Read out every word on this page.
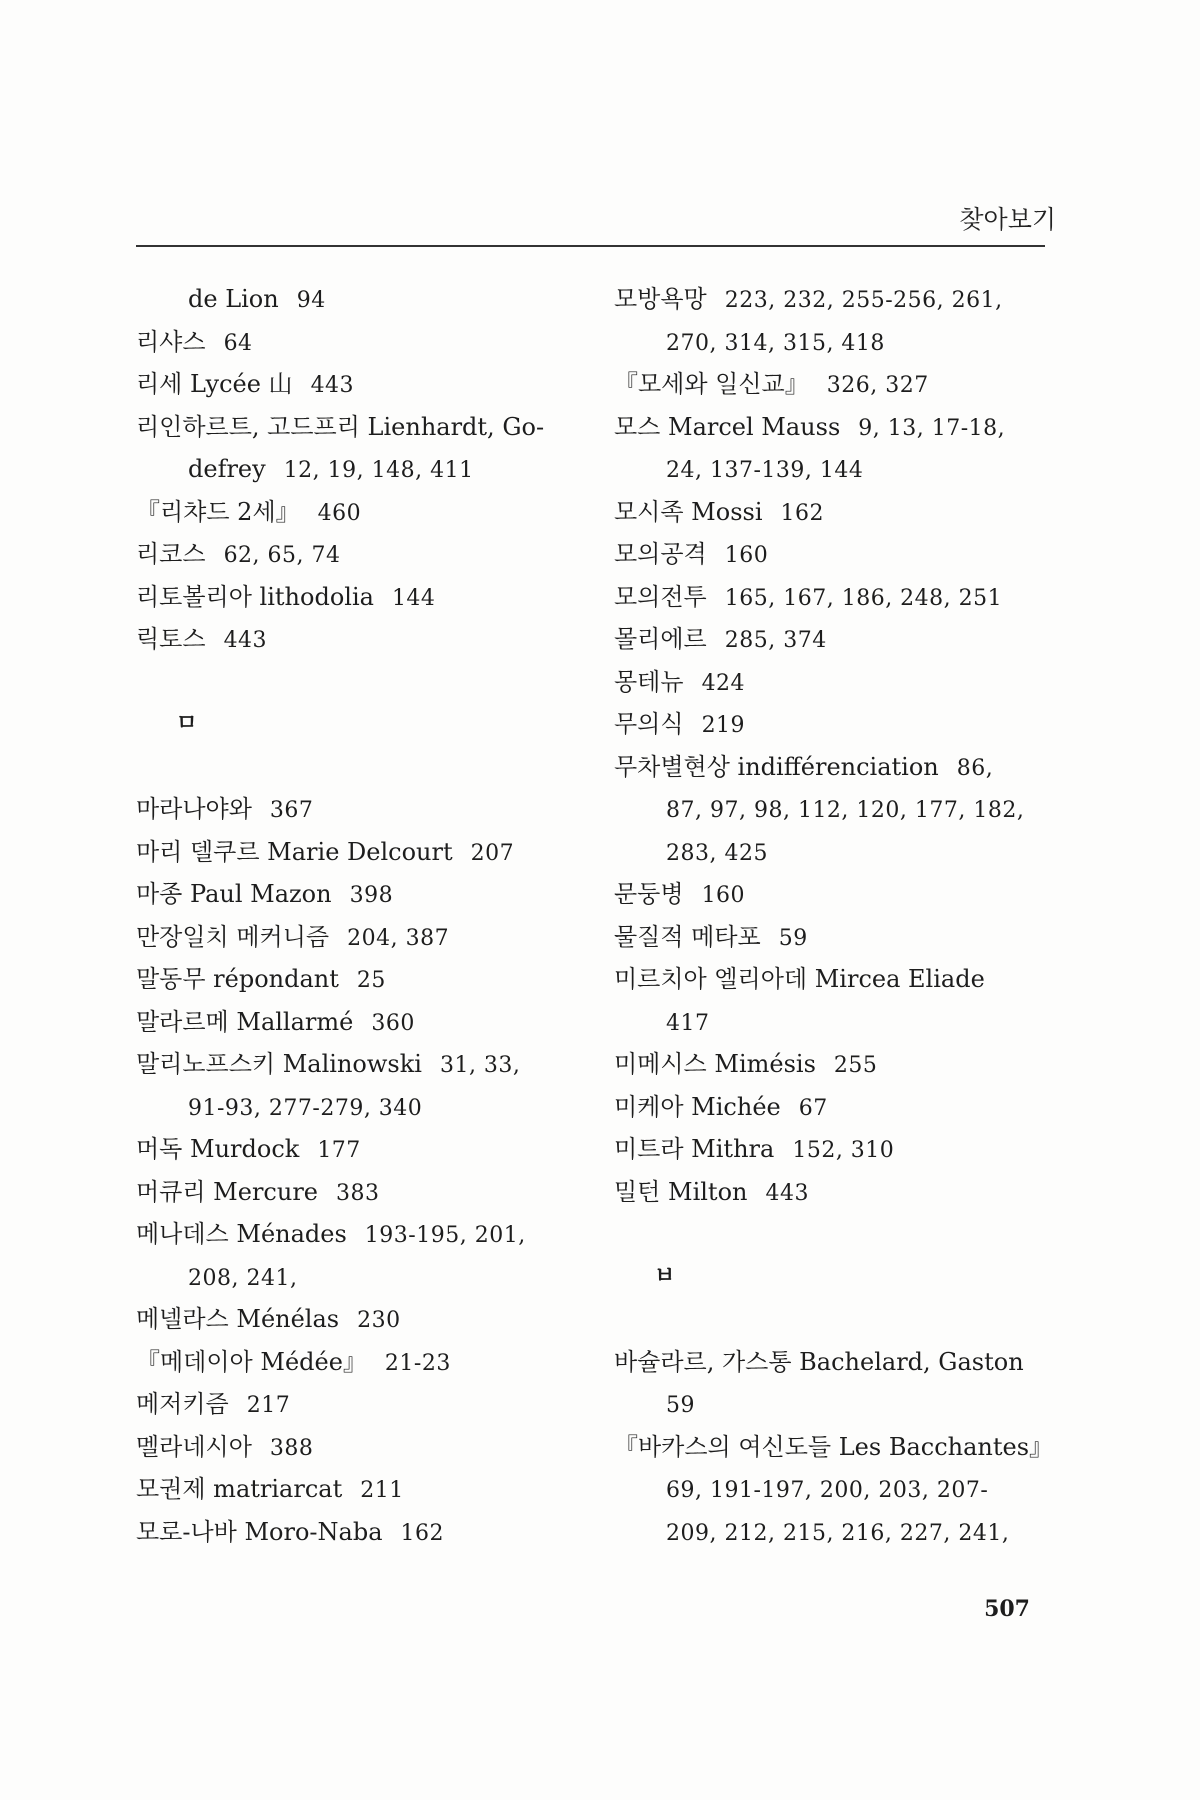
찾아보기
de Lion 94
리샤스 64
리세 Lycée 山 443
리인하르트, 고드프리 Lienhardt, Go-
defrey 12, 19, 148, 411
『리챠드 2세』 460
리코스 62, 65, 74
리토볼리아 lithodolia 144
릭토스 443
ㅁ
마라나야와 367
마리 델쿠르 Marie Delcourt 207
마종 Paul Mazon 398
만장일치 메커니즘 204, 387
말동무 répondant 25
말라르메 Mallarmé 360
말리노프스키 Malinowski 31, 33,
91-93, 277-279, 340
머독 Murdock 177
머큐리 Mercure 383
메나데스 Ménades 193-195, 201,
208, 241,
메넬라스 Ménélas 230
『메데이아 Médée』 21-23
메저키즘 217
멜라네시아 388
모권제 matriarcat 211
모로-나바 Moro-Naba 162
모방욕망 223, 232, 255-256, 261,
270, 314, 315, 418
『모세와 일신교』 326, 327
모스 Marcel Mauss 9, 13, 17-18,
24, 137-139, 144
모시족 Mossi 162
모의공격 160
모의전투 165, 167, 186, 248, 251
몰리에르 285, 374
몽테뉴 424
무의식 219
무차별현상 indifférenciation 86,
87, 97, 98, 112, 120, 177, 182,
283, 425
문둥병 160
물질적 메타포 59
미르치아 엘리아데 Mircea Eliade
417
미메시스 Mimésis 255
미케아 Michée 67
미트라 Mithra 152, 310
밀턴 Milton 443
ㅂ
바슐라르, 가스통 Bachelard, Gaston
59
『바카스의 여신도들 Les Bacchantes』
69, 191-197, 200, 203, 207-
209, 212, 215, 216, 227, 241,
507
